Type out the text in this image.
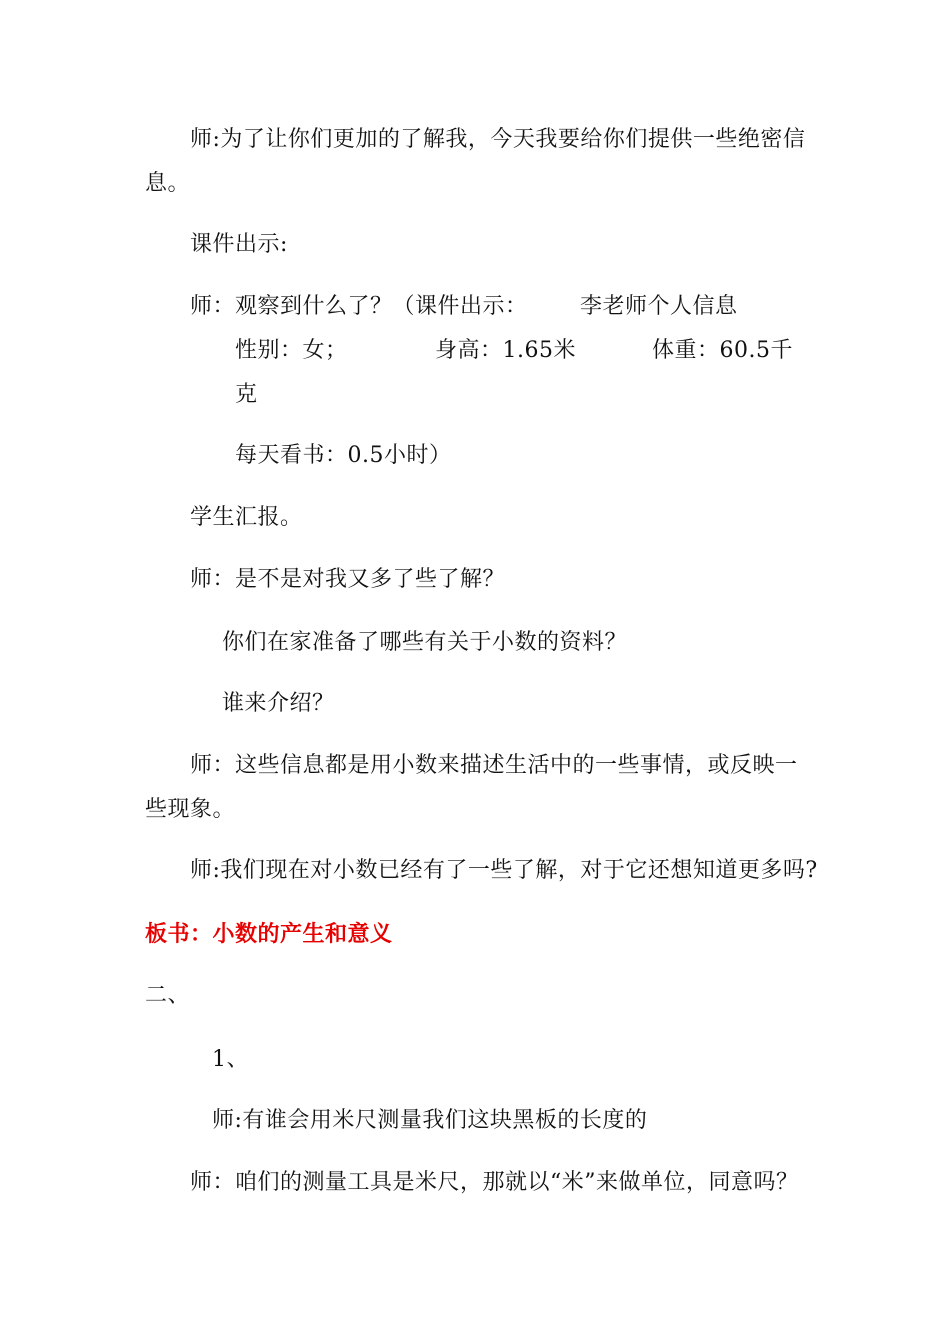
师:为了让你们更加的了解我，今天我要给你们提供一些绝密信
息。
课件出示:
师：观察到什么了？（课件出示： 李老师个人信息
性别：女；	身高：1.65米	体重：60.5千
克
每天看书：0.5小时）
学生汇报。
师：是不是对我又多了些了解？
你们在家准备了哪些有关于小数的资料？
谁来介绍？
师：这些信息都是用小数来描述生活中的一些事情，或反映一
些现象。
师:我们现在对小数已经有了一些了解，对于它还想知道更多吗?
板书：小数的产生和意义
二、
1、
师:有谁会用米尺测量我们这块黑板的长度的
师：咱们的测量工具是米尺，那就以“米”来做单位，同意吗？
